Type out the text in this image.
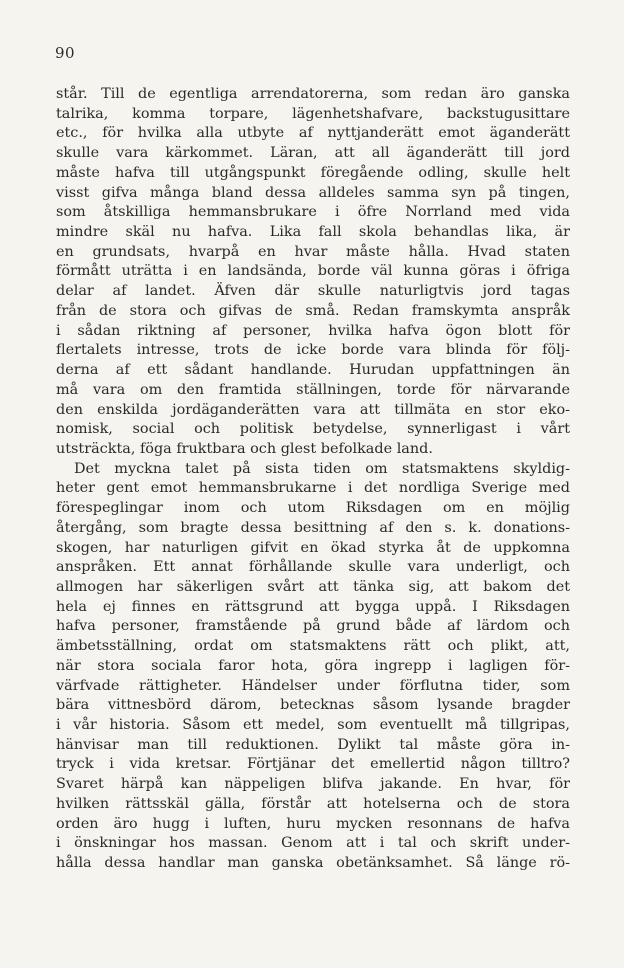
90
står. Till de egentliga arrendatorerna, som redan äro ganska
talrika, komma torpare, lägenhetshafvare, backstugusittare
etc., för hvilka alla utbyte af nyttjanderätt emot äganderätt
skulle vara kärkommet. Läran, att all äganderätt till jord
måste hafva till utgångspunkt föregående odling, skulle helt
visst gifva många bland dessa alldeles samma syn på tingen,
som åtskilliga hemmansbrukare i öfre Norrland med vida
mindre skäl nu hafva. Lika fall skola behandlas lika, är
en grundsats, hvarpå en hvar måste hålla. Hvad staten
förmått uträtta i en landsända, borde väl kunna göras i öfriga
delar af landet. Äfven där skulle naturligtvis jord tagas
från de stora och gifvas de små. Redan framskymta anspråk
i sådan riktning af personer, hvilka hafva ögon blott för
flertalets intresse, trots de icke borde vara blinda för följ-
derna af ett sådant handlande. Hurudan uppfattningen än
må vara om den framtida ställningen, torde för närvarande
den enskilda jordäganderätten vara att tillmäta en stor eko-
nomisk, social och politisk betydelse, synnerligast i vårt
utsträckta, föga fruktbara och glest befolkade land.
Det myckna talet på sista tiden om statsmaktens skyldig-
heter gent emot hemmansbrukarne i det nordliga Sverige med
förespeglingar inom och utom Riksdagen om en möjlig
återgång, som bragte dessa besittning af den s. k. donations-
skogen, har naturligen gifvit en ökad styrka åt de uppkomna
anspråken. Ett annat förhållande skulle vara underligt, och
allmogen har säkerligen svårt att tänka sig, att bakom det
hela ej finnes en rättsgrund att bygga uppå. I Riksdagen
hafva personer, framstående på grund både af lärdom och
ämbetsställning, ordat om statsmaktens rätt och plikt, att,
när stora sociala faror hota, göra ingrepp i lagligen för-
värfvade rättigheter. Händelser under förflutna tider, som
bära vittnesbörd därom, betecknas såsom lysande bragder
i vår historia. Såsom ett medel, som eventuellt må tillgripas,
hänvisar man till reduktionen. Dylikt tal måste göra in-
tryck i vida kretsar. Förtjänar det emellertid någon tilltro?
Svaret härpå kan näppeligen blifva jakande. En hvar, för
hvilken rättsskäl gälla, förstår att hotelserna och de stora
orden äro hugg i luften, huru mycken resonnans de hafva
i önskningar hos massan. Genom att i tal och skrift under-
hålla dessa handlar man ganska obetänksamhet. Så länge rö-
